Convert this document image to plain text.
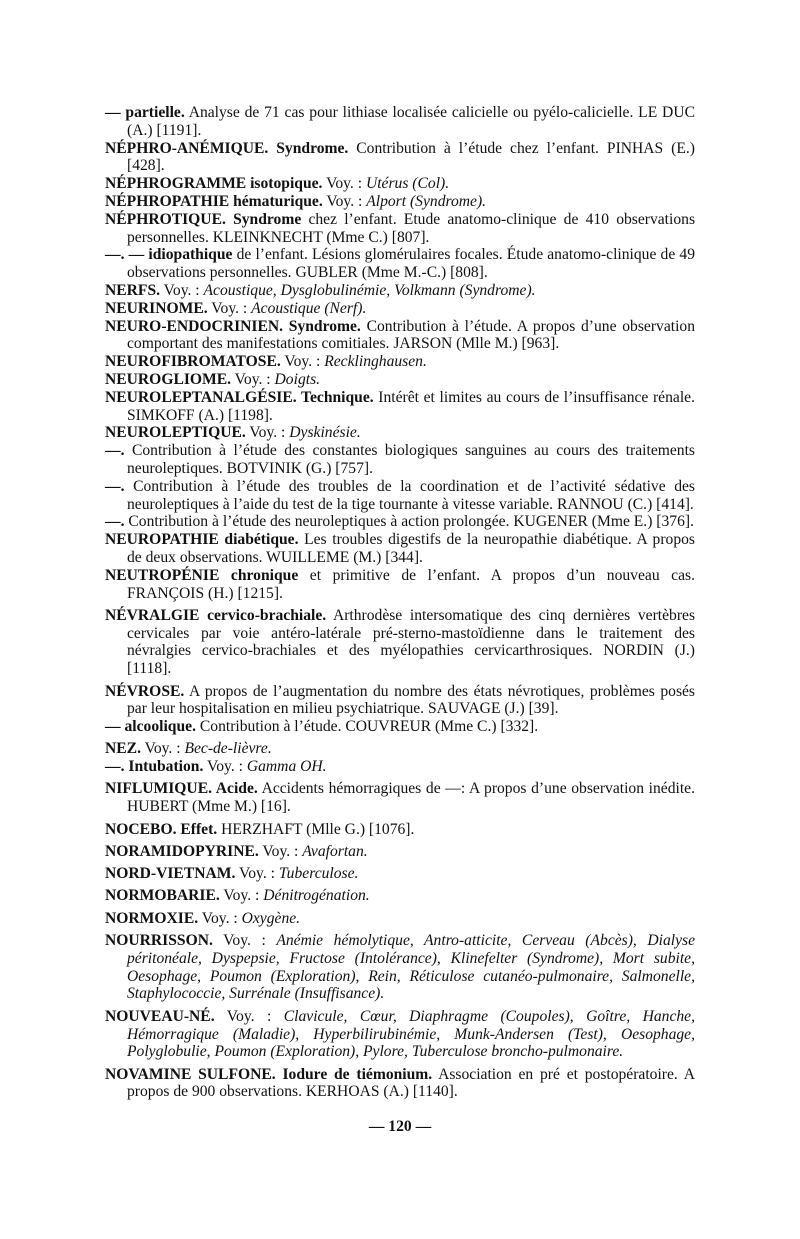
— partielle. Analyse de 71 cas pour lithiase localisée calicielle ou pyélo-calicielle. LE DUC (A.) [1191].

NÉPHRO-ANÉMIQUE. Syndrome. Contribution à l’étude chez l’enfant. PINHAS (E.) [428].

NÉPHROGRAMME isotopique. Voy. : Utérus (Col).

NÉPHROPATHIE hématurique. Voy. : Alport (Syndrome).

NÉPHROTIQUE. Syndrome chez l’enfant. Etude anatomo-clinique de 410 observations personnelles. KLEINKNECHT (Mme C.) [807].

—. — idiopathique de l’enfant. Lésions glomérulaires focales. Étude anatomo-clinique de 49 observations personnelles. GUBLER (Mme M.-C.) [808].

NERFS. Voy. : Acoustique, Dysglobulinémie, Volkmann (Syndrome).

NEURINOME. Voy. : Acoustique (Nerf).

NEURO-ENDOCRINIEN. Syndrome. Contribution à l’étude. A propos d’une observation comportant des manifestations comitiales. JARSON (Mlle M.) [963].

NEUROFIBROMATOSE. Voy. : Recklinghausen.

NEUROGLIOME. Voy. : Doigts.

NEUROLEPTANALGÉSIE. Technique. Intérêt et limites au cours de l’insuffisance rénale. SIMKOFF (A.) [1198].

NEUROLEPTIQUE. Voy. : Dyskinésie.

—. Contribution à l’étude des constantes biologiques sanguines au cours des traitements neuroleptiques. BOTVINIK (G.) [757].

—. Contribution à l’étude des troubles de la coordination et de l’activité sédative des neuroleptiques à l’aide du test de la tige tournante à vitesse variable. RANNOU (C.) [414].

—. Contribution à l’étude des neuroleptiques à action prolongée. KUGENER (Mme E.) [376].

NEUROPATHIE diabétique. Les troubles digestifs de la neuropathie diabétique. A propos de deux observations. WUILLEME (M.) [344].

NEUTROPÉNIE chronique et primitive de l’enfant. A propos d’un nouveau cas. FRANÇOIS (H.) [1215].

NÉVRALGIE cervico-brachiale. Arthrodèse intersomatique des cinq dernières vertèbres cervicales par voie antéro-latérale pré-sterno-mastoïdienne dans le traitement des névralgies cervico-brachiales et des myélopathies cervicarthrosiques. NORDIN (J.) [1118].

NÉVROSE. A propos de l’augmentation du nombre des états névrotiques, problèmes posés par leur hospitalisation en milieu psychiatrique. SAUVAGE (J.) [39].

— alcoolique. Contribution à l’étude. COUVREUR (Mme C.) [332].

NEZ. Voy. : Bec-de-lièvre.

—. Intubation. Voy. : Gamma OH.

NIFLUMIQUE. Acide. Accidents hémorragiques de —: A propos d’une observation inédite. HUBERT (Mme M.) [16].

NOCEBO. Effet. HERZHAFT (Mlle G.) [1076].

NORAMIDOPYRINE. Voy. : Avafortan.

NORD-VIETNAM. Voy. : Tuberculose.

NORMOBARIE. Voy. : Dénitrogénation.

NORMOXIE. Voy. : Oxygène.

NOURRISSON. Voy. : Anémie hémolytique, Antro-atticite, Cerveau (Abcès), Dialyse péritonéale, Dyspepsie, Fructose (Intolérance), Klinefelter (Syndrome), Mort subite, Oesophage, Poumon (Exploration), Rein, Réticulose cutanéo-pulmonaire, Salmonelle, Staphylococcie, Surrénale (Insuffisance).

NOUVEAU-NÉ. Voy. : Clavicule, Cœur, Diaphragme (Coupoles), Goître, Hanche, Hémorragique (Maladie), Hyperbilirubinémie, Munk-Andersen (Test), Oesophage, Polyglobulie, Poumon (Exploration), Pylore, Tuberculose broncho-pulmonaire.

NOVAMINE SULFONE. Iodure de tiémonium. Association en pré et postopératoire. A propos de 900 observations. KERHOAS (A.) [1140].

— 120 —
